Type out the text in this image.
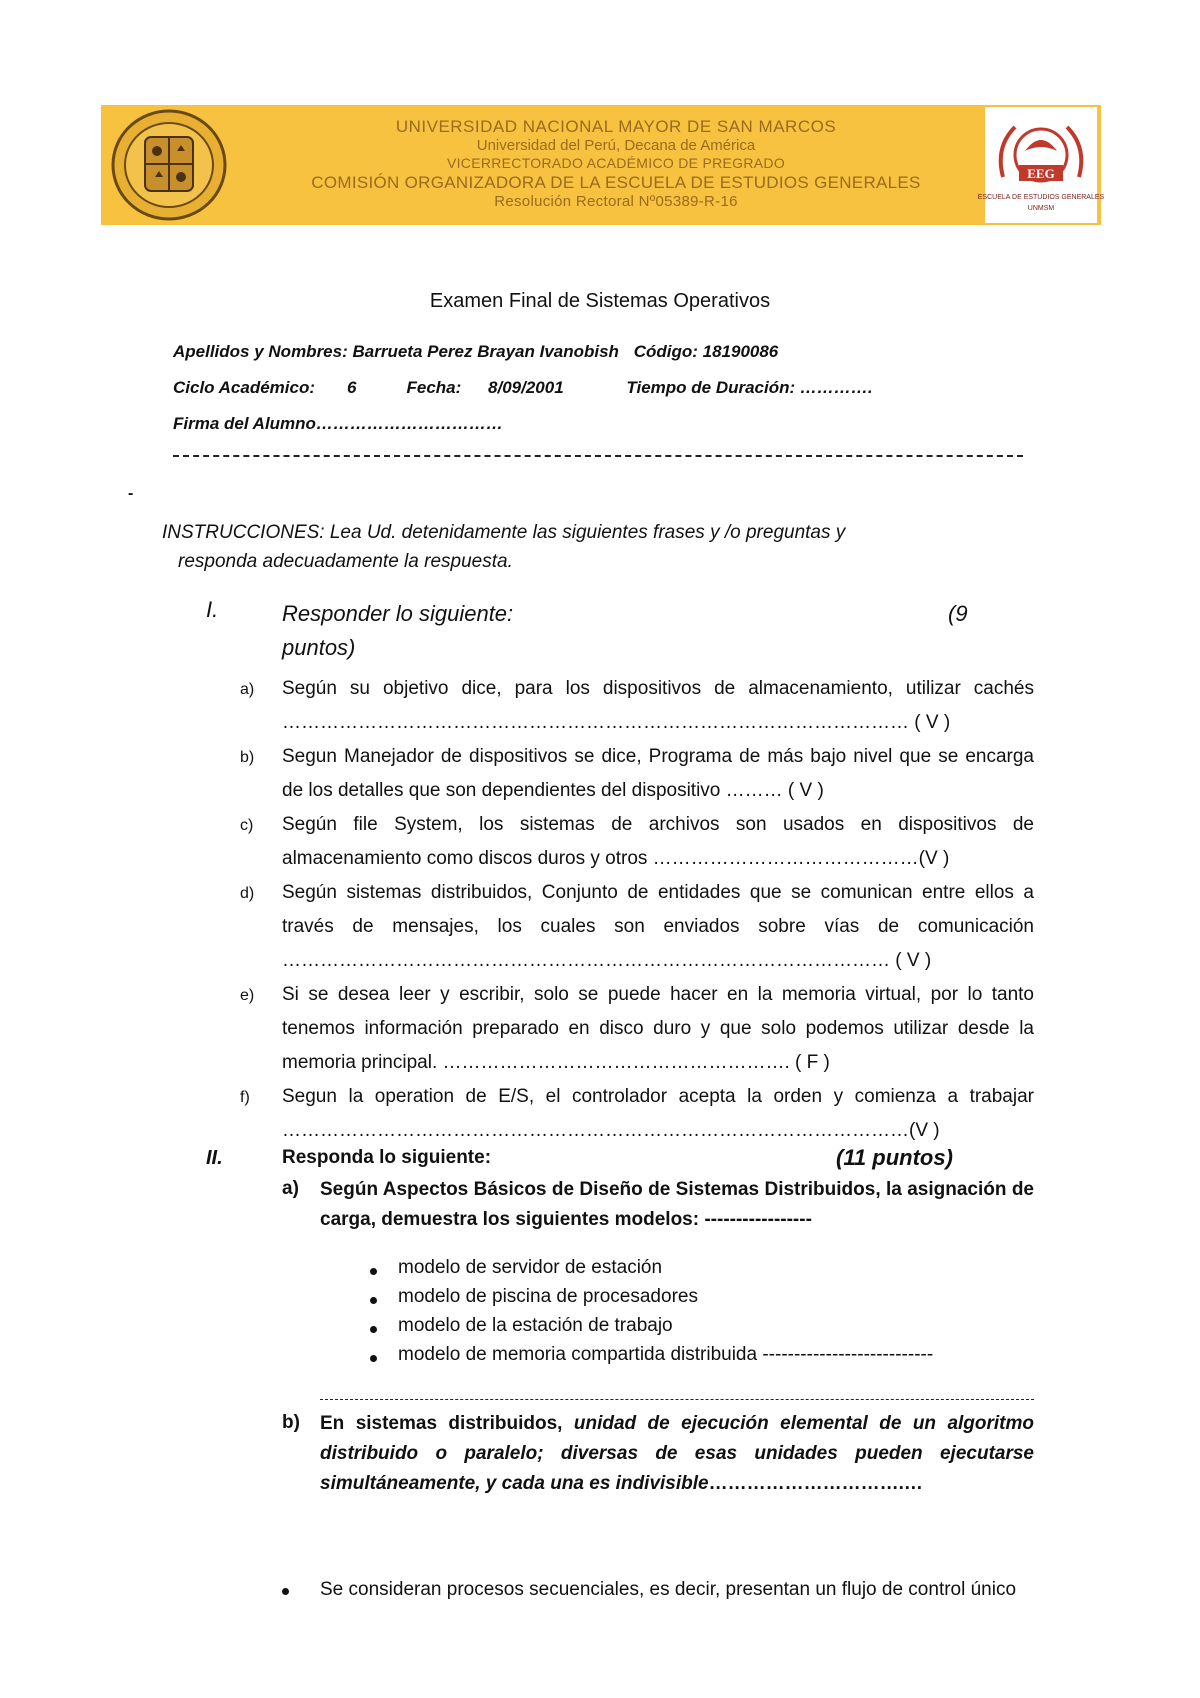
UNIVERSIDAD NACIONAL MAYOR DE SAN MARCOS
Universidad del Perú, Decana de América
VICERRECTORADO ACADÉMICO DE PREGRADO
COMISIÓN ORGANIZADORA DE LA ESCUELA DE ESTUDIOS GENERALES
Resolución Rectoral Nº05389-R-16
EEG
ESCUELA DE ESTUDIOS GENERALES
UNMSM
Examen Final de Sistemas Operativos
Apellidos y Nombres: Barrueta Perez Brayan Ivanobish Código: 18190086
Ciclo Académico: 6	Fecha: 8/09/2001	Tiempo de Duración: ………….
Firma del Alumno……………………………
-
INSTRUCCIONES: Lea Ud. detenidamente las siguientes frases y /o preguntas y
responda adecuadamente la respuesta.
I.	Responder lo siguiente:	(9
puntos)
a) Según su objetivo dice, para los dispositivos de almacenamiento, utilizar cachés ……………………………………………………………………………………… ( V )
b) Segun Manejador de dispositivos se dice, Programa de más bajo nivel que se encarga de los detalles que son dependientes del dispositivo ……… ( V )
c) Según file System, los sistemas de archivos son usados en dispositivos de almacenamiento como discos duros y otros ……………………………………(V )
d) Según sistemas distribuidos, Conjunto de entidades que se comunican entre ellos a través de mensajes, los cuales son enviados sobre vías de comunicación …………………………………………………………………………………… ( V )
e) Si se desea leer y escribir, solo se puede hacer en la memoria virtual, por lo tanto tenemos información preparado en disco duro y que solo podemos utilizar desde la memoria principal. ………………………………………………. ( F )
f) Segun la operation de E/S, el controlador acepta la orden y comienza a trabajar ………………………………………………………………………………………(V )
II.	Responda lo siguiente:	(11 puntos)
a) Según Aspectos Básicos de Diseño de Sistemas Distribuidos, la asignación de carga, demuestra los siguientes modelos: -----------------
modelo de servidor de estación
modelo de piscina de procesadores
modelo de la estación de trabajo
modelo de memoria compartida distribuida ---------------------------
b) En sistemas distribuidos, unidad de ejecución elemental de un algoritmo distribuido o paralelo; diversas de esas unidades pueden ejecutarse simultáneamente, y cada una es indivisible………………………….…
Se consideran procesos secuenciales, es decir, presentan un flujo de control único
